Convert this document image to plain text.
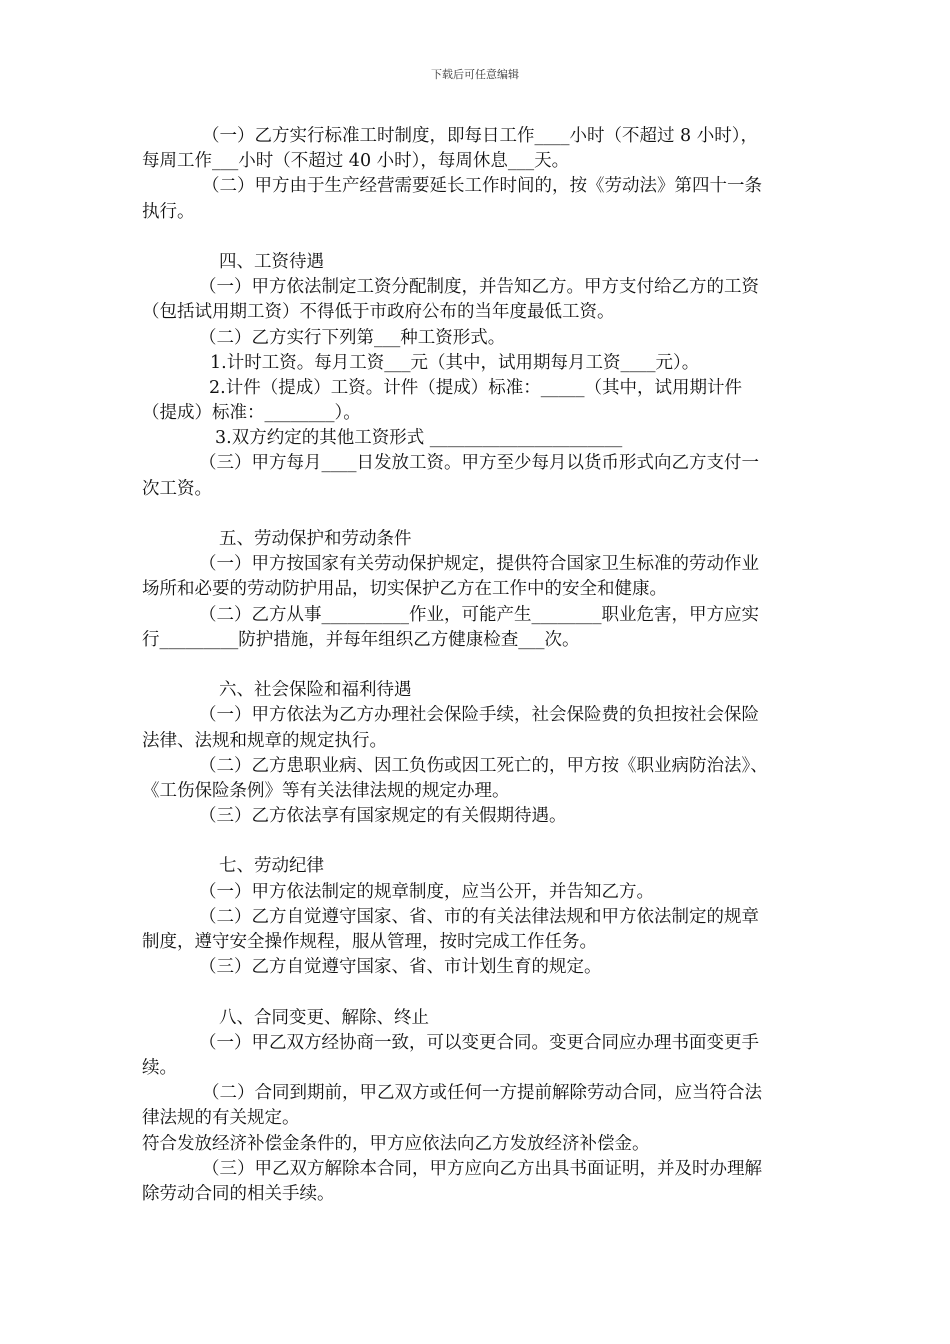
下载后可任意编辑
（一）乙方实行标准工时制度，即每日工作____小时（不超过 8 小时），
每周工作___小时（不超过 40 小时），每周休息___天。
（二）甲方由于生产经营需要延长工作时间的，按《劳动法》第四十一条
执行。
四、工资待遇
（一）甲方依法制定工资分配制度，并告知乙方。甲方支付给乙方的工资
（包括试用期工资）不得低于市政府公布的当年度最低工资。
（二）乙方实行下列第___种工资形式。
1.计时工资。每月工资___元（其中，试用期每月工资____元）。
2.计件（提成）工资。计件（提成）标准：_____（其中，试用期计件
（提成）标准：________）。
3.双方约定的其他工资形式 ______________________
（三）甲方每月____日发放工资。甲方至少每月以货币形式向乙方支付一
次工资。
五、劳动保护和劳动条件
（一）甲方按国家有关劳动保护规定，提供符合国家卫生标准的劳动作业
场所和必要的劳动防护用品，切实保护乙方在工作中的安全和健康。
（二）乙方从事__________作业，可能产生________职业危害，甲方应实
行_________防护措施，并每年组织乙方健康检查___次。
六、社会保险和福利待遇
（一）甲方依法为乙方办理社会保险手续，社会保险费的负担按社会保险
法律、法规和规章的规定执行。
（二）乙方患职业病、因工负伤或因工死亡的，甲方按《职业病防治法》、
《工伤保险条例》等有关法律法规的规定办理。
（三）乙方依法享有国家规定的有关假期待遇。
七、劳动纪律
（一）甲方依法制定的规章制度，应当公开，并告知乙方。
（二）乙方自觉遵守国家、省、市的有关法律法规和甲方依法制定的规章
制度，遵守安全操作规程，服从管理，按时完成工作任务。
（三）乙方自觉遵守国家、省、市计划生育的规定。
八、合同变更、解除、终止
（一）甲乙双方经协商一致，可以变更合同。变更合同应办理书面变更手
续。
（二）合同到期前，甲乙双方或任何一方提前解除劳动合同，应当符合法
律法规的有关规定。
符合发放经济补偿金条件的，甲方应依法向乙方发放经济补偿金。
（三）甲乙双方解除本合同，甲方应向乙方出具书面证明，并及时办理解
除劳动合同的相关手续。
